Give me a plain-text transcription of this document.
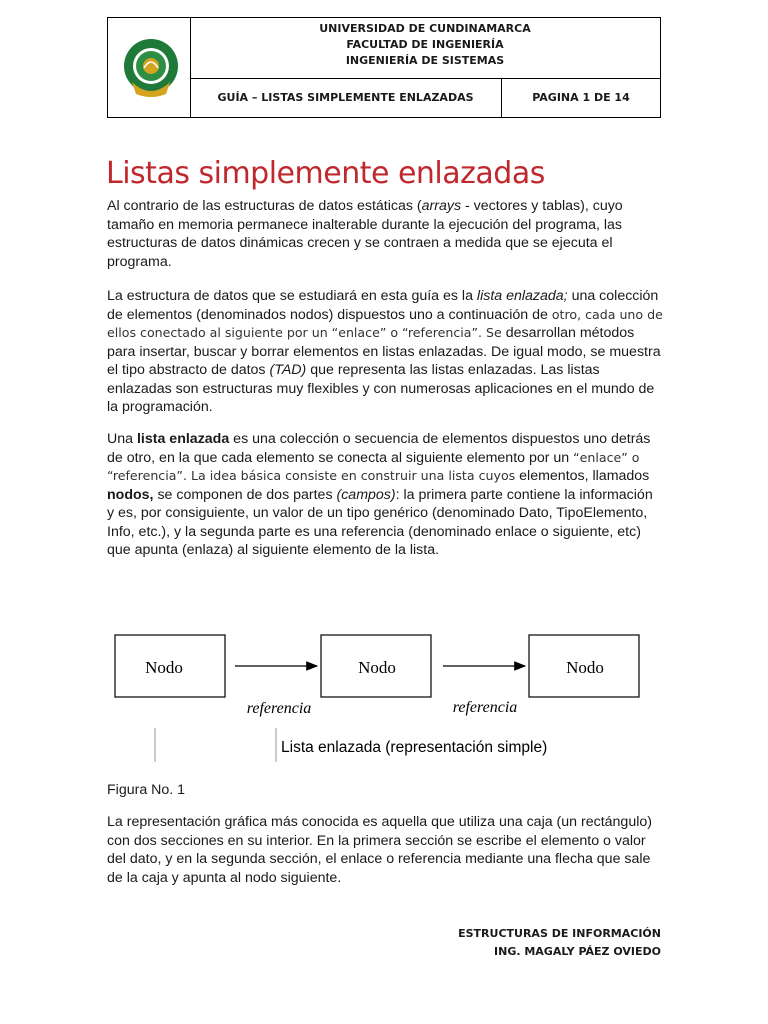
UNIVERSIDAD DE CUNDINAMARCA
FACULTAD DE INGENIERÍA
INGENIERÍA DE SISTEMAS
GUÍA – LISTAS SIMPLEMENTE ENLAZADAS	PAGINA 1 DE 14
Listas simplemente enlazadas

Al contrario de las estructuras de datos estáticas (arrays - vectores y tablas), cuyo tamaño en memoria permanece inalterable durante la ejecución del programa, las estructuras de datos dinámicas crecen y se contraen a medida que se ejecuta el programa.

La estructura de datos que se estudiará en esta guía es la lista enlazada; una colección de elementos (denominados nodos) dispuestos uno a continuación de otro, cada uno de ellos conectado al siguiente por un “enlace” o “referencia”. Se desarrollan métodos para insertar, buscar y borrar elementos en listas enlazadas. De igual modo, se muestra el tipo abstracto de datos (TAD) que representa las listas enlazadas. Las listas enlazadas son estructuras muy flexibles y con numerosas aplicaciones en el mundo de la programación.

Una lista enlazada es una colección o secuencia de elementos dispuestos uno detrás de otro, en la que cada elemento se conecta al siguiente elemento por un “enlace” o “referencia”. La idea básica consiste en construir una lista cuyos elementos, llamados nodos, se componen de dos partes (campos): la primera parte contiene la información y es, por consiguiente, un valor de un tipo genérico (denominado Dato, TipoElemento, Info, etc.), y la segunda parte es una referencia (denominado enlace o siguiente, etc) que apunta (enlaza) al siguiente elemento de la lista.

Nodo	Nodo	Nodo
referencia	referencia
Lista enlazada (representación simple)
Figura No. 1

La representación gráfica más conocida es aquella que utiliza una caja (un rectángulo) con dos secciones en su interior. En la primera sección se escribe el elemento o valor del dato, y en la segunda sección, el enlace o referencia mediante una flecha que sale de la caja y apunta al nodo siguiente.

ESTRUCTURAS DE INFORMACIÓN
ING. MAGALY PÁEZ OVIEDO
